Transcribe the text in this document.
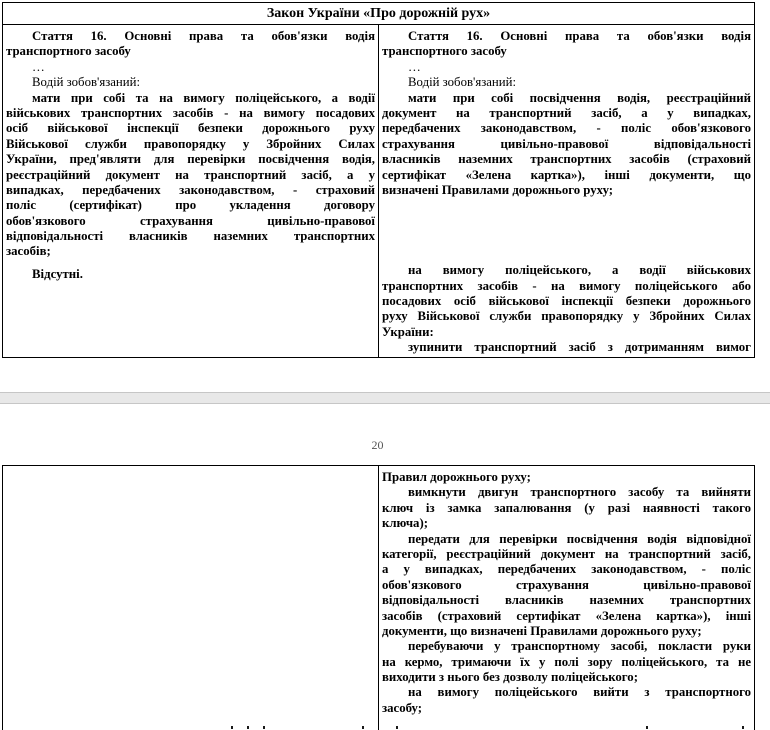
Закон України «Про дорожній рух»
Стаття 16. Основні права та обов'язки водія
транспортного засобу
…
Водій зобов'язаний:
мати при собі та на вимогу поліцейського, а водії
військових транспортних засобів - на вимогу посадових
осіб військової інспекції безпеки дорожнього руху
Військової служби правопорядку у Збройних Силах
України, пред'являти для перевірки посвідчення водія,
реєстраційний документ на транспортний засіб, а у
випадках, передбачених законодавством, - страховий
поліс (сертифікат) про укладення договору
обов'язкового страхування цивільно-правової
відповідальності власників наземних транспортних
засобів;
Відсутні.
Стаття 16. Основні права та обов'язки водія
транспортного засобу
…
Водій зобов'язаний:
мати при собі посвідчення водія, реєстраційний
документ на транспортний засіб, а у випадках,
передбачених законодавством, - поліс обов'язкового
страхування цивільно-правової відповідальності
власників наземних транспортних засобів (страховий
сертифікат «Зелена картка»), інші документи, що
визначені Правилами дорожнього руху;
на вимогу поліцейського, а водії військових
транспортних засобів - на вимогу поліцейського або
посадових осіб військової інспекції безпеки дорожнього
руху Військової служби правопорядку у Збройних Силах
України:
зупинити транспортний засіб з дотриманням вимог
20
Правил дорожнього руху;
вимкнути двигун транспортного засобу та вийняти
ключ із замка запалювання (у разі наявності такого
ключа);
передати для перевірки посвідчення водія відповідної
категорії, реєстраційний документ на транспортний засіб,
а у випадках, передбачених законодавством, - поліс
обов'язкового страхування цивільно-правової
відповідальності власників наземних транспортних
засобів (страховий сертифікат «Зелена картка»), інші
документи, що визначені Правилами дорожнього руху;
перебуваючи у транспортному засобі, покласти руки
на кермо, тримаючи їх у полі зору поліцейського, та не
виходити з нього без дозволу поліцейського;
на вимогу поліцейського вийти з транспортного
засобу;
